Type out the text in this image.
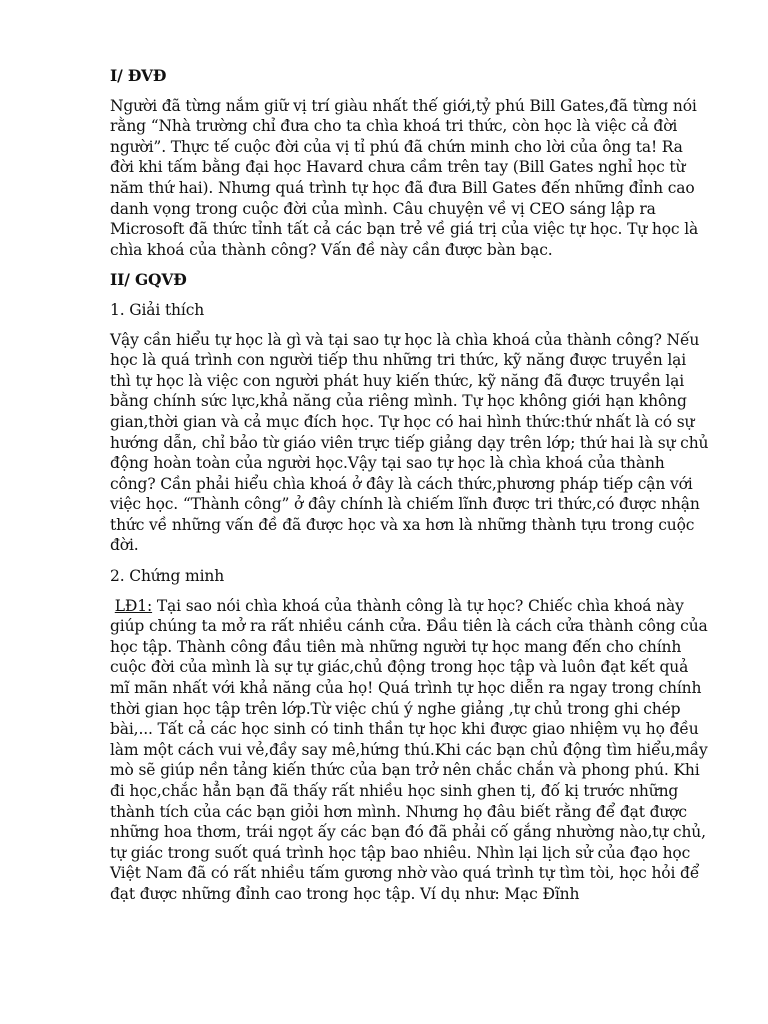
I/ ĐVĐ

Người đã từng nắm giữ vị trí giàu nhất thế giới,tỷ phú Bill Gates,đã từng nói rằng “Nhà trường chỉ đưa cho ta chìa khoá tri thức, còn học là việc cả đời người”. Thực tế cuộc đời của vị tỉ phú đã chứn minh cho lời của ông ta! Ra đời khi tấm bằng đại học Havard chưa cầm trên tay (Bill Gates nghỉ học từ năm thứ hai). Nhưng quá trình tự học đã đưa Bill Gates đến những đỉnh cao danh vọng trong cuộc đời của mình. Câu chuyện về vị CEO sáng lập ra Microsoft đã thức tỉnh tất cả các bạn trẻ về giá trị của việc tự học. Tự học là chìa khoá của thành công? Vấn đề này cần được bàn bạc.

II/ GQVĐ

1. Giải thích

Vậy cần hiểu tự học là gì và tại sao tự học là chìa khoá của thành công? Nếu học là quá trình con người tiếp thu những tri thức, kỹ năng được truyền lại thì tự học là việc con người phát huy kiến thức, kỹ năng đã được truyền lại bằng chính sức lực,khả năng của riêng mình. Tự học không giới hạn không gian,thời gian và cả mục đích học. Tự học có hai hình thức:thứ nhất là có sự hướng dẫn, chỉ bảo từ giáo viên trực tiếp giảng dạy trên lớp; thứ hai là sự chủ động hoàn toàn của người học.Vậy tại sao tự học là chìa khoá của thành công? Cần phải hiểu chìa khoá ở đây là cách thức,phương pháp tiếp cận với việc học. “Thành công” ở đây chính là chiếm lĩnh được tri thức,có được nhận thức về những vấn đề đã được học và xa hơn là những thành tựu trong cuộc đời.

2. Chứng minh

LĐ1: Tại sao nói chìa khoá của thành công là tự học? Chiếc chìa khoá này giúp chúng ta mở ra rất nhiều cánh cửa. Đầu tiên là cách cửa thành công của học tập. Thành công đầu tiên mà những người tự học mang đến cho chính cuộc đời của mình là sự tự giác,chủ động trong học tập và luôn đạt kết quả mĩ mãn nhất với khả năng của họ! Quá trình tự học diễn ra ngay trong chính thời gian học tập trên lớp.Từ việc chú ý nghe giảng ,tự chủ trong ghi chép bài,... Tất cả các học sinh có tinh thần tự học khi được giao nhiệm vụ họ đều làm một cách vui vẻ,đầy say mê,hứng thú.Khi các bạn chủ động tìm hiểu,mầy mò sẽ giúp nền tảng kiến thức của bạn trở nên chắc chắn và phong phú. Khi đi học,chắc hẳn bạn đã thấy rất nhiều học sinh ghen tị, đố kị trước những thành tích của các bạn giỏi hơn mình. Nhưng họ đâu biết rằng để đạt được những hoa thơm, trái ngọt ấy các bạn đó đã phải cố gắng nhường nào,tự chủ, tự giác trong suốt quá trình học tập bao nhiêu. Nhìn lại lịch sử của đạo học Việt Nam đã có rất nhiều tấm gương nhờ vào quá trình tự tìm tòi, học hỏi để đạt được những đỉnh cao trong học tập. Ví dụ như: Mạc Đĩnh
